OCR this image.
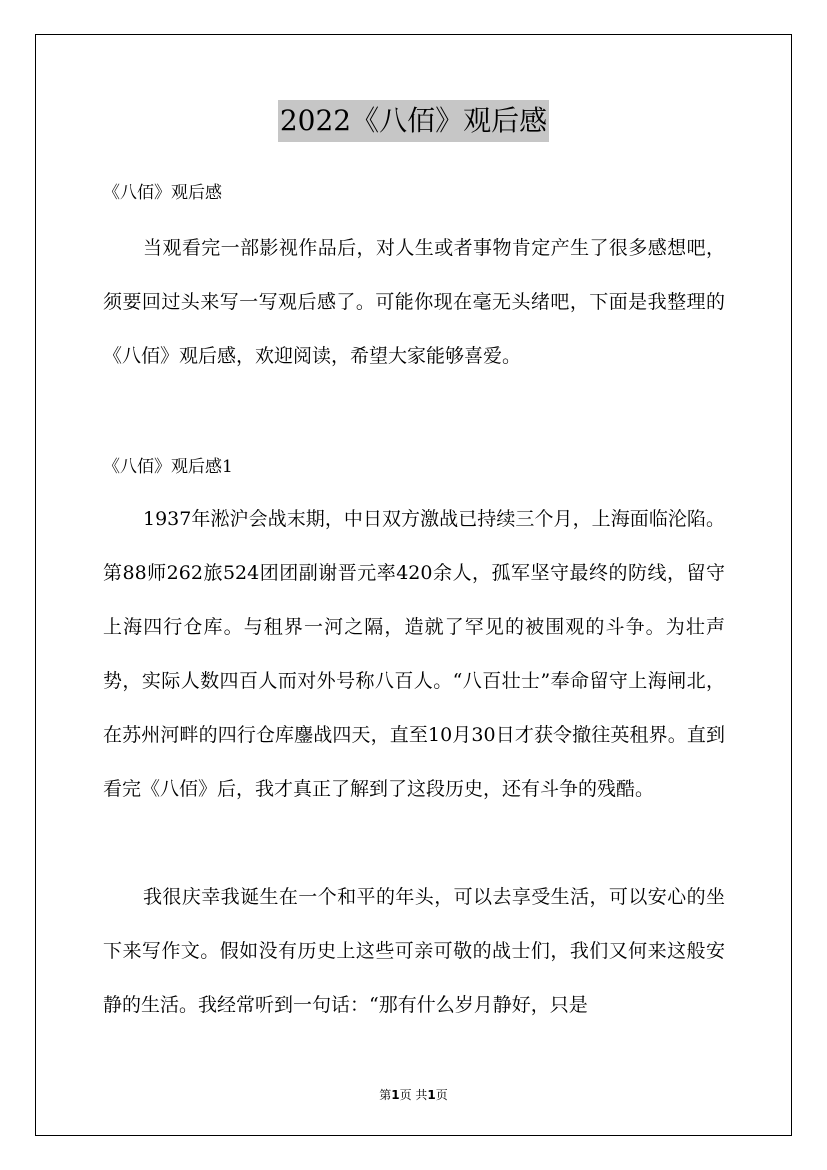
2022《八佰》观后感
《八佰》观后感

当观看完一部影视作品后，对人生或者事物肯定产生了很多感想吧，须要回过头来写一写观后感了。可能你现在毫无头绪吧，下面是我整理的《八佰》观后感，欢迎阅读，希望大家能够喜爱。

《八佰》观后感1

1937年淞沪会战末期，中日双方激战已持续三个月，上海面临沦陷。第88师262旅524团团副谢晋元率420余人，孤军坚守最终的防线，留守上海四行仓库。与租界一河之隔，造就了罕见的被围观的斗争。为壮声势，实际人数四百人而对外号称八百人。“八百壮士”奉命留守上海闸北，在苏州河畔的四行仓库鏖战四天，直至10月30日才获令撤往英租界。直到看完《八佰》后，我才真正了解到了这段历史，还有斗争的残酷。

我很庆幸我诞生在一个和平的年头，可以去享受生活，可以安心的坐下来写作文。假如没有历史上这些可亲可敬的战士们，我们又何来这般安静的生活。我经常听到一句话：“那有什么岁月静好，只是

第1页 共1页
